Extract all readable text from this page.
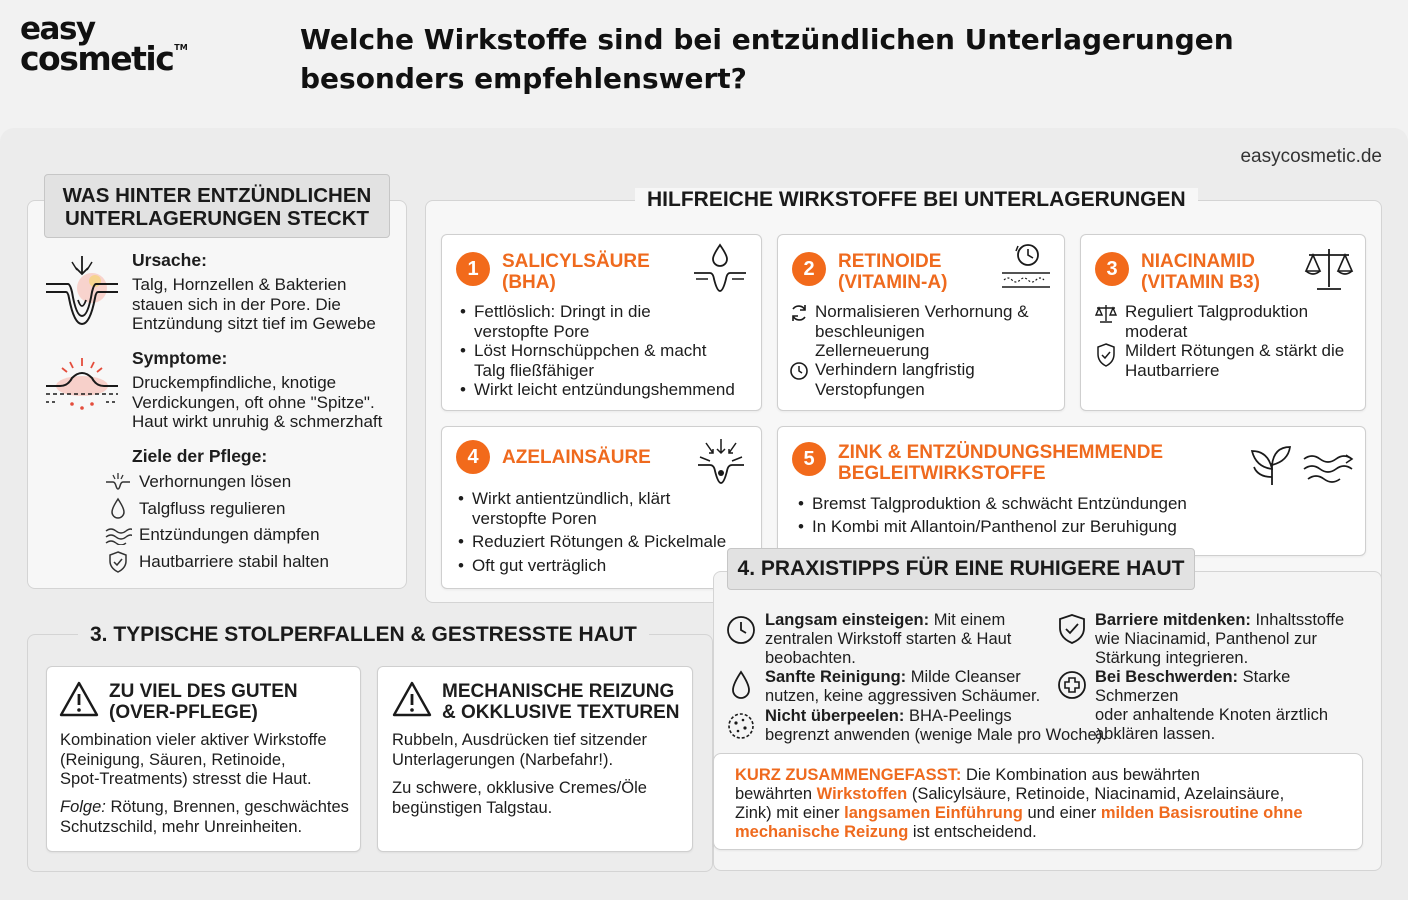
easy
cosmetic™	Welche Wirkstoffe sind bei entzündlichen Unterlagerungen
besonders empfehlenswert?
easycosmetic.de
WAS HINTER ENTZÜNDLICHEN
UNTERLAGERUNGEN STECKT
Ursache:
Talg, Hornzellen & Bakterien
stauen sich in der Pore. Die
Entzündung sitzt tief im Gewebe
Symptome:
Druckempfindliche, knotige
Verdickungen, oft ohne "Spitze".
Haut wirkt unruhig & schmerzhaft
Ziele der Pflege:
Verhornungen lösen
Talgfluss regulieren
Entzündungen dämpfen
Hautbarriere stabil halten
HILFREICHE WIRKSTOFFE BEI UNTERLAGERUNGEN
1	SALICYLSÄURE
(BHA)
• Fettlöslich: Dringt in die
verstopfte Pore
• Löst Hornschüppchen & macht
Talg fließfähiger
• Wirkt leicht entzündungshemmend
2	RETINOIDE
(VITAMIN-A)
Normalisieren Verhornung &
beschleunigen
Zellerneuerung
Verhindern langfristig
Verstopfungen
3	NIACINAMID
(VITAMIN B3)
Reguliert Talgproduktion
moderat
Mildert Rötungen & stärkt die
Hautbarriere
4	AZELAINSÄURE
• Wirkt antientzündlich, klärt
verstopfte Poren
• Reduziert Rötungen & Pickelmale
• Oft gut verträglich
5	ZINK & ENTZÜNDUNGSHEMMENDE
BEGLEITWIRKSTOFFE
• Bremst Talgproduktion & schwächt Entzündungen
• In Kombi mit Allantoin/Panthenol zur Beruhigung
3. TYPISCHE STOLPERFALLEN & GESTRESSTE HAUT
ZU VIEL DES GUTEN
(OVER-PFLEGE)
Kombination vieler aktiver Wirkstoffe
(Reinigung, Säuren, Retinoide,
Spot-Treatments) stresst die Haut.
Folge: Rötung, Brennen, geschwächtes
Schutzschild, mehr Unreinheiten.
MECHANISCHE REIZUNG
& OKKLUSIVE TEXTUREN
Rubbeln, Ausdrücken tief sitzender
Unterlagerungen (Narbefahr!).
Zu schwere, okklusive Cremes/Öle
begünstigen Talgstau.
4. PRAXISTIPPS FÜR EINE RUHIGERE HAUT
Langsam einsteigen: Mit einem
zentralen Wirkstoff starten & Haut
beobachten.
Sanfte Reinigung: Milde Cleanser
nutzen, keine aggressiven Schäumer.
Nicht überpeelen: BHA-Peelings
begrenzt anwenden (wenige Male pro Woche).
Barriere mitdenken: Inhaltsstoffe
wie Niacinamid, Panthenol zur
Stärkung integrieren.
Bei Beschwerden: Starke Schmerzen
oder anhaltende Knoten ärztlich
abklären lassen.
KURZ ZUSAMMENGEFASST: Die Kombination aus bewährten
bewährten Wirkstoffen (Salicylsäure, Retinoide, Niacinamid, Azelainsäure,
Zink) mit einer langsamen Einführung und einer milden Basisroutine ohne
mechanische Reizung ist entscheidend.
